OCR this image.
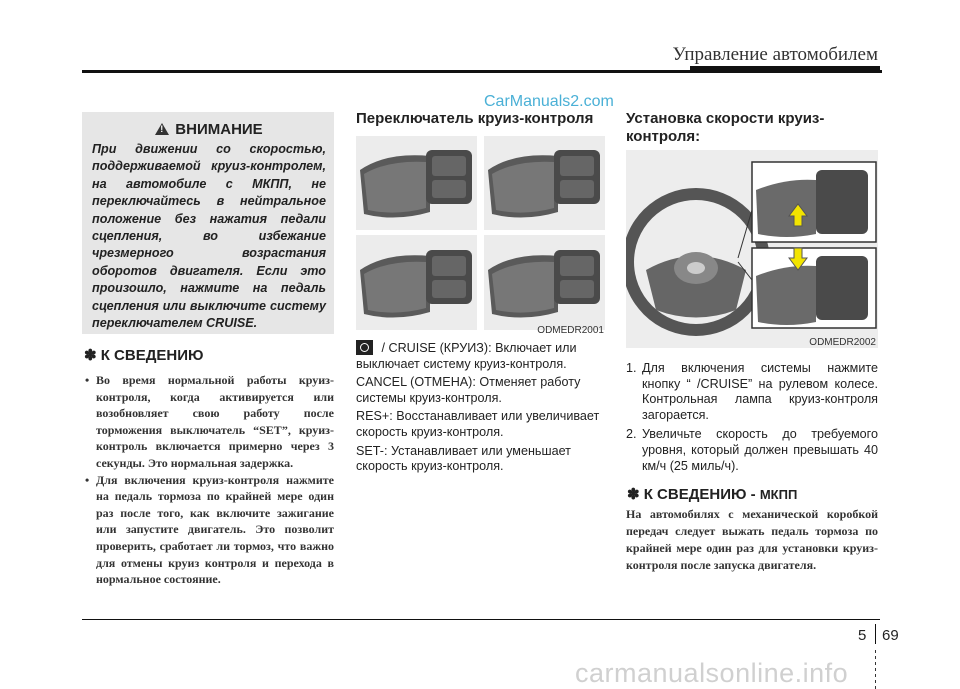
Управление автомобилем
CarManuals2.com
!ВНИМАНИЕ
При движении со скоростью, поддерживаемой круиз-контролем, на автомобиле с МКПП, не переключайтесь в нейтральное положение без нажатия педали сцепления, во избежание чрезмерного возрастания оборотов двигателя. Если это произошло, нажмите на педаль сцепления или выключите систему переключателем CRUISE.
✽ К СВЕДЕНИЮ
• Во время нормальной работы круиз-контроля, когда активируется или возобновляет свою работу после торможения выключатель “SET”, круиз-контроль включается примерно через 3 секунды. Это нормальная задержка.
• Для включения круиз-контроля нажмите на педаль тормоза по крайней мере один раз после того, как включите зажигание или запустите двигатель. Это позволит проверить, сработает ли тормоз, что важно для отмены круиз контроля и перехода в нормальное состояние.
Переключатель круиз-контроля
ODMEDR2001
/ CRUISE (КРУИЗ): Включает или выключает систему круиз-контроля.
CANCEL (ОТМЕНА): Отменяет работу системы круиз-контроля.
RES+: Восстанавливает или увеличивает скорость круиз-контроля.
SET-: Устанавливает или уменьшает скорость круиз-контроля.
Установка скорости круиз-контроля:
ODMEDR2002
1. Для включения системы нажмите кнопку “ /CRUISE” на рулевом колесе. Контрольная лампа круиз-контроля загорается.
2. Увеличьте скорость до требуемого уровня, который должен превышать 40 км/ч (25 миль/ч).
✽ К СВЕДЕНИЮ - МКПП
На автомобилях с механической коробкой передач следует выжать педаль тормоза по крайней мере один раз для установки круиз-контроля после запуска двигателя.
5 69
carmanualsonline.info
